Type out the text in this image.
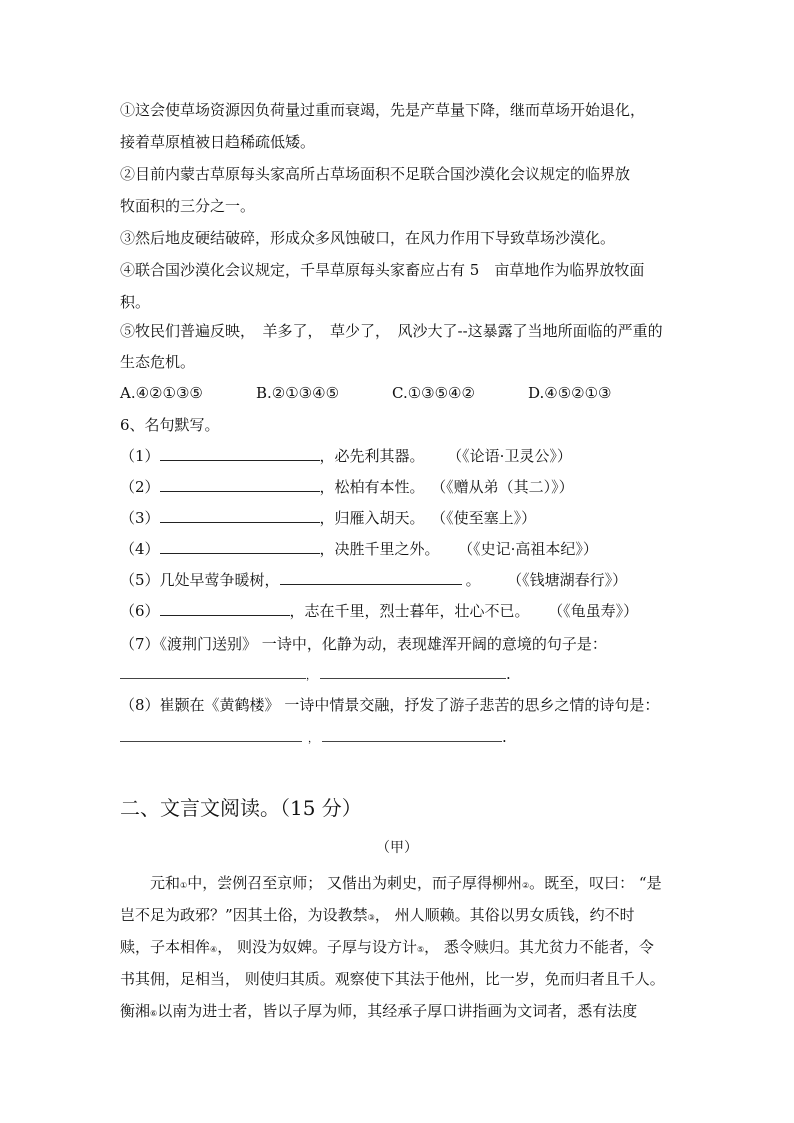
①这会使草场资源因负荷量过重而衰竭，先是产草量下降，继而草场开始退化，
接着草原植被日趋稀疏低矮。
②目前内蒙古草原每头家高所占草场面积不足联合国沙漠化会议规定的临界放
牧面积的三分之一。
③然后地皮硬结破碎，形成众多风蚀破口，在风力作用下导致草场沙漠化。
④联合国沙漠化会议规定，千旱草原每头家畜应占有 5　亩草地作为临界放牧面
积。
⑤牧民们普遍反映，　羊多了，　草少了，　风沙大了--这暴露了当地所面临的严重的
生态危机。
A.④②①③⑤	B.②①③④⑤	C.①③⑤④②	D.④⑤②①③
6、名句默写。
（1）	，必先利其器。 （《论语·卫灵公》）
（2）	，松柏有本性。 （《赠从弟（其二）》）
（3）	，归雁入胡天。 （《使至塞上》）
（4）	，决胜千里之外。 （《史记·高祖本纪》）
（5）几处早莺争暖树，	。 （《钱塘湖春行》）
（6）	，志在千里，烈士暮年，壮心不已。 （《龟虽寿》）
（7）《渡荆门送别》 一诗中，化静为动，表现雄浑开阔的意境的句子是：
，	.
（8）崔颢在《黄鹤楼》 一诗中情景交融，抒发了游子悲苦的思乡之情的诗句是：
，	.
二、文言文阅读。（15 分）
（甲）
元和①中，尝例召至京师； 又偕出为刺史，而子厚得柳州②。既至，叹曰： “是
岂不足为政邪？”因其土俗，为设教禁③， 州人顺赖。其俗以男女质钱，约不时
赎，子本相侔④， 则没为奴婢。子厚与设方计⑤， 悉令赎归。其尤贫力不能者，令
书其佣，足相当， 则使归其质。观察使下其法于他州，比一岁，免而归者且千人。
衡湘⑥以南为进士者，皆以子厚为师，其经承子厚口讲指画为文词者，悉有法度
